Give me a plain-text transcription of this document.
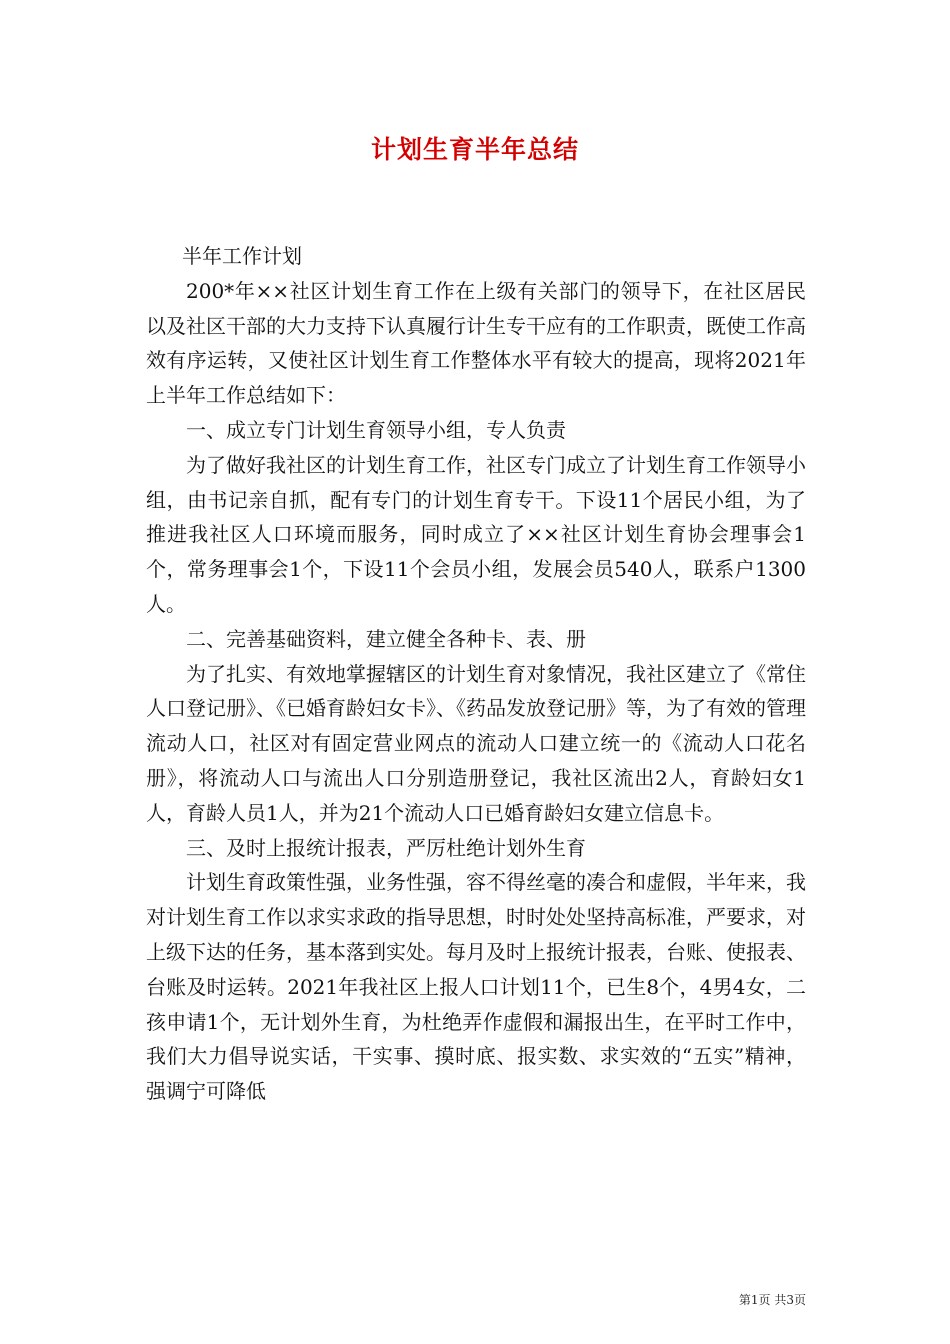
计划生育半年总结

半年工作计划

200*年××社区计划生育工作在上级有关部门的领导下，在社区居民以及社区干部的大力支持下认真履行计生专干应有的工作职责，既使工作高效有序运转，又使社区计划生育工作整体水平有较大的提高，现将2021年上半年工作总结如下：

一、成立专门计划生育领导小组，专人负责

为了做好我社区的计划生育工作，社区专门成立了计划生育工作领导小组，由书记亲自抓，配有专门的计划生育专干。下设11个居民小组，为了推进我社区人口环境而服务，同时成立了××社区计划生育协会理事会1个，常务理事会1个，下设11个会员小组，发展会员540人，联系户1300人。

二、完善基础资料，建立健全各种卡、表、册

为了扎实、有效地掌握辖区的计划生育对象情况，我社区建立了《常住人口登记册》、《已婚育龄妇女卡》、《药品发放登记册》等，为了有效的管理流动人口，社区对有固定营业网点的流动人口建立统一的《流动人口花名册》，将流动人口与流出人口分别造册登记，我社区流出2人，育龄妇女1人，育龄人员1人，并为21个流动人口已婚育龄妇女建立信息卡。

三、及时上报统计报表，严厉杜绝计划外生育

计划生育政策性强，业务性强，容不得丝毫的凑合和虚假，半年来，我对计划生育工作以求实求政的指导思想，时时处处坚持高标准，严要求，对上级下达的任务，基本落到实处。每月及时上报统计报表，台账、使报表、台账及时运转。2021年我社区上报人口计划11个，已生8个，4男4女，二孩申请1个，无计划外生育，为杜绝弄作虚假和漏报出生，在平时工作中，我们大力倡导说实话，干实事、摸时底、报实数、求实效的“五实”精神，强调宁可降低

第1页 共3页
